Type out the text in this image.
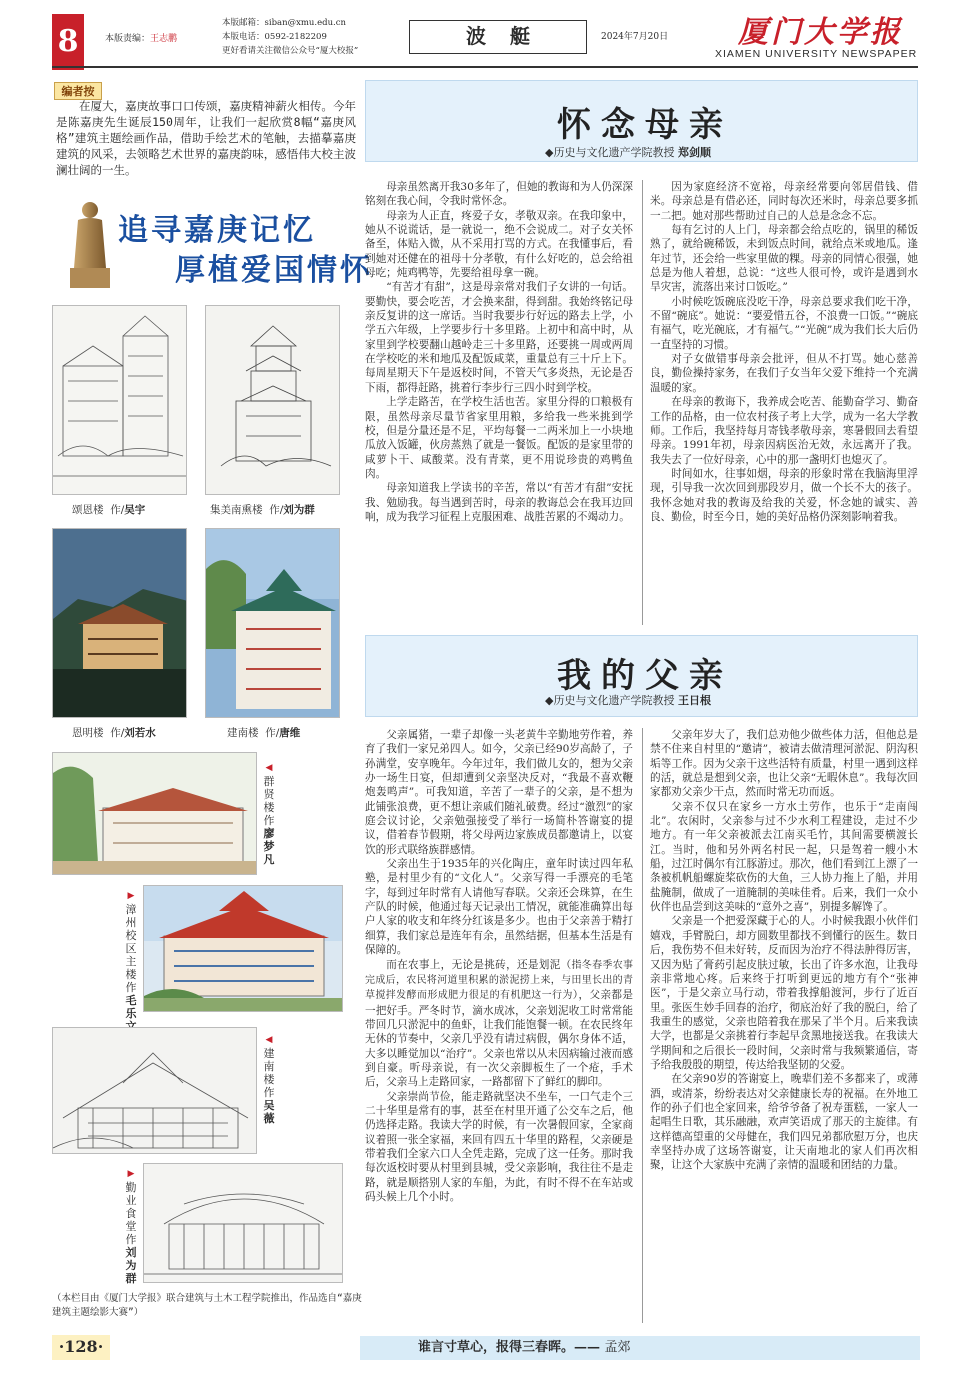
8	本版责编：王志鹏
本版邮箱：siban@xmu.edu.cn
本版电话：0592-2182209
更好看请关注微信公众号“厦大校报”
波艇	2024年7月20日 厦门大学报
XIAMEN UNIVERSITY NEWSPAPER
编者按
在厦大，嘉庚故事口口传颂，嘉庚精神薪火相传。今年是陈嘉庚先生诞辰150周年，让我们一起欣赏8幅“嘉庚风格”建筑主题绘画作品，借助手绘艺术的笔触，去描摹嘉庚建筑的风采，去领略艺术世界的嘉庚韵味，感悟伟大校主波澜壮阔的一生。
追寻嘉庚记忆
厚植爱国情怀
颂恩楼 作/吴宇	集美南熏楼 作/刘为群
恩明楼 作/刘若水	建南楼 作/唐维
◀群贤楼 作 廖梦凡
▶漳州校区主楼 作 毛乐
◀建南楼 作 吴薇
▶勤业食堂 作 刘为群
（本栏目由《厦门大学报》联合建筑与土木工程学院推出，作品选自“嘉庚建筑主题绘影大赛”）
怀念母亲
◆历史与文化遗产学院教授 郑剑顺

母亲虽然离开我30多年了，但她的教诲和为人仍深深铭刻在我心间，令我时常怀念。

母亲为人正直，疼爱子女，孝敬双亲。在我印象中，她从不说谎话，是一就说一，绝不会说成二。对子女关怀备至，体贴入微，从不采用打骂的方式。在我懂事后，看到她对还健在的祖母十分孝敬，有什么好吃的，总会给祖母吃；炖鸡鸭等，先要给祖母拿一碗。

“有苦才有甜”，这是母亲常对我们子女讲的一句话。要勤快，要会吃苦，才会换来甜，得到甜。我始终铭记母亲反复讲的这一席话。当时我要步行好远的路去上学，小学五六年级，上学要步行十多里路。上初中和高中时，从家里到学校要翻山越岭走三十多里路，还要挑一周或两周在学校吃的米和地瓜及配饭咸菜，重量总有三十斤上下。每周星期天下午是返校时间，不管天气多炎热，无论是否下雨，都得赶路，挑着行李步行三四小时到学校。

上学走路苦，在学校生活也苦。家里分得的口粮极有限，虽然母亲尽量节省家里用粮，多给我一些米挑到学校，但是分量还是不足，平均每餐一二两米加上一小块地瓜放入饭罐，伙房蒸熟了就是一餐饭。配饭的是家里带的咸萝卜干、咸酸菜。没有青菜，更不用说珍贵的鸡鸭鱼肉。

母亲知道我上学读书的辛苦，常以“有苦才有甜”安抚我、勉励我。每当遇到苦时，母亲的教诲总会在我耳边回响，成为我学习征程上克服困难、战胜苦累的不竭动力。

因为家庭经济不宽裕，母亲经常要向邻居借钱、借米。母亲总是有借必还，同时每次还米时，母亲总要多抓一二把。她对那些帮助过自己的人总是念念不忘。

每有乞讨的人上门，母亲都会给点吃的，锅里的稀饭熟了，就给碗稀饭，未到饭点时间，就给点米或地瓜。逢年过节，还会给一些家里做的粿。母亲的同情心很强，她总是为他人着想，总说：“这些人很可怜，或许是遇到水旱灾害，流落出来讨口饭吃。”

小时候吃饭碗底没吃干净，母亲总要求我们吃干净，不留“碗底”。她说：“要爱惜五谷，不浪费一口饭。”“碗底有福气，吃光碗底，才有福气。”“光碗”成为我们长大后仍一直坚持的习惯。

对子女做错事母亲会批评，但从不打骂。她心慈善良，勤俭操持家务，在我们子女当年父爱下维持一个充满温暖的家。

在母亲的教诲下，我养成会吃苦、能勤奋学习、勤奋工作的品格，由一位农村孩子考上大学，成为一名大学教师。工作后，我坚持每月寄钱孝敬母亲，寒暑假回去看望母亲。1991年初，母亲因病医治无效，永远离开了我。我失去了一位好母亲，心中的那一盏明灯也熄灭了。

时间如水，往事如烟，母亲的形象时常在我脑海里浮现，引导我一次次回到那段岁月，做一个长不大的孩子。我怀念她对我的教诲及给我的关爱，怀念她的诚实、善良、勤俭，时至今日，她的美好品格仍深刻影响着我。

我的父亲
◆历史与文化遗产学院教授 王日根

父亲属猪，一辈子却像一头老黄牛辛勤地劳作着，养育了我们一家兄弟四人。如今，父亲已经90岁高龄了，子孙满堂，安享晚年。今年过年，我们做儿女的，想为父亲办一场生日宴，但却遭到父亲坚决反对，“我最不喜欢鞭炮轰鸣声”。可我知道，辛苦了一辈子的父亲，是不想为此铺张浪费，更不想让亲戚们随礼破费。经过“激烈”的家庭会议讨论，父亲勉强接受了举行一场简朴答谢宴的提议，借着春节假期，将父母两边家族成员都邀请上，以宴饮的形式联络族群感情。

父亲出生于1935年的兴化陶庄，童年时读过四年私塾，是村里少有的“文化人”。父亲写得一手漂亮的毛笔字，每到过年时常有人请他写春联。父亲还会珠算，在生产队的时候，他通过每天记录出工情况，就能准确算出每户人家的收支和年终分红该是多少。也由于父亲善于精打细算，我们家总是连年有余，虽然结据，但基本生活是有保障的。

而在农事上，无论是挑砖，还是划泥（指冬春季农事完成后，农民将河道里积累的淤泥捞上来，与田里长出的青草搅拌发酵而形成肥力很足的有机肥这一行为），父亲都是一把好手。严冬时节，滴水成冰，父亲划泥收工时常常能带回几只淤泥中的鱼虾，让我们能饱餐一顿。在农民终年无休的节奏中，父亲几乎没有请过病假，偶尔身体不适，大多以睡觉加以“治疗”。父亲也常以从未因病输过液而感到自豪。听母亲说，有一次父亲脚板生了一个疮，手术后，父亲马上走路回家，一路都留下了鲜红的脚印。

父亲崇尚节俭，能走路就坚决不坐车，一口气走个三二十华里是常有的事，甚至在村里开通了公交车之后，他仍选择走路。我读大学的时候，有一次暑假回家，全家商议着照一张全家福，来回有四五十华里的路程，父亲硬是带着我们全家六口人全凭走路，完成了这一任务。那时我每次返校时要从村里到县城，受父亲影响，我往往不是走路，就是顺搭别人家的车船，为此，有时不得不在车站或码头候上几个小时。

父亲年岁大了，我们总劝他少做些体力活，但他总是禁不住来自村里的“邀请”，被请去做清理河淤泥、阴沟积垢等工作。因为父亲干这些活特有质量，村里一遇到这样的活，就总是想到父亲，也让父亲“无暇休息”。我每次回家都劝父亲少干点，然而时常无功而返。

父亲不仅只在家乡一方水土劳作，也乐于“走南闯北”。农闲时，父亲参与过不少水利工程建设，走过不少地方。有一年父亲被派去江南买毛竹，其间需要横渡长江。当时，他和另外两名村民一起，只是驾着一艘小木船，过江时偶尔有江豚游过。那次，他们看到江上漂了一条被机帆船螺旋桨砍伤的大鱼，三人协力拖上了船，并用盐腌制，做成了一道腌制的美味佳肴。后来，我们一众小伙伴也品尝到这美味的“意外之喜”，别提多解馋了。

父亲是一个把爱深藏于心的人。小时候我跟小伙伴们嬉戏，手臂脱臼，却方圆数里都找不到懂行的医生。数日后，我伤势不但未好转，反而因为治疗不得法肿得厉害，又因为贴了膏药引起皮肤过敏，长出了许多水泡，让我母亲非常地心疼。后来终于打听到更远的地方有个“张神医”，于是父亲立马行动，带着我撑船渡河，步行了近百里。张医生妙手回春的治疗，彻底治好了我的脱臼，给了我重生的感觉，父亲也陪着我在那呆了半个月。后来我读大学，也都是父亲挑着行李起早贪黑地接送我。在我读大学期间和之后很长一段时间，父亲时常与我频繁通信，寄予给我殷殷的期望，传达给我坚韧的父爱。

在父亲90岁的答谢宴上，晚辈们差不多都来了，或薄酒，或清茶，纷纷表达对父亲健康长寿的祝福。在外地工作的孙子们也全家回来，给爷爷备了祝寿蛋糕，一家人一起唱生日歌，其乐融融，欢声笑语成了那天的主旋律。有这样德高望重的父母健在，我们四兄弟都欣慰万分，也庆幸坚持办成了这场答谢宴，让天南地北的家人们再次相聚，让这个大家族中充满了亲情的温暖和团结的力量。

·128·	谁言寸草心，报得三春晖。—— 孟郊
